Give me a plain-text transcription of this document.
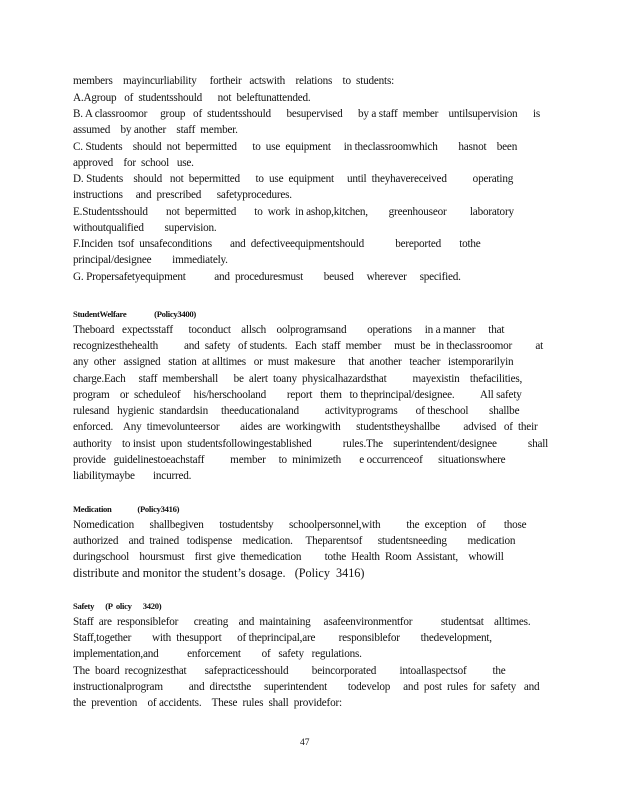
members    mayincurliability     fortheir   actswith    relations    to  students:
A.Agroup   of  studentsshould      not  beleftunattended.
B. A classroomor     group   of  studentsshould      besupervised      by a staff  member    untilsupervision      is
assumed    by another    staff  member.
C. Students    should  not  bepermitted      to  use  equipment     in theclassroomwhich        hasnot    been
approved    for  school   use.
D. Students    should   not  bepermitted      to  use  equipment     until  theyhavereceived          operating
instructions     and  prescribed      safetyprocedures.
E.Studentsshould       not  bepermitted       to  work  in ashop,kitchen,        greenhouseor         laboratory
withoutqualified        supervision.
F.Inciden  tsof  unsafeconditions       and  defectiveequipmentshould            bereported       tothe
principal/designee        immediately.
G. Propersafetyequipment           and  proceduresmust        beused     wherever     specified.
StudentWelfare               (Policy3400)
Theboard   expectsstaff      toconduct    allsch    oolprogramsand        operations     in a manner     that
recognizesthehealth          and  safety   of students.   Each  staff  member     must  be  in theclassroomor         at
any  other   assigned   station  at alltimes   or  must  makesure     that  another   teacher   istemporarilyin
charge.Each     staff  membershall      be  alert  toany  physicalhazardsthat          mayexistin    thefacilities,
program    or  scheduleof     his/herschooland        report   them   to theprincipal/designee.          All safety
rulesand   hygienic  standardsin     theeducationaland          activityprograms       of theschool        shallbe
enforced.    Any  timevolunteersor        aides  are  workingwith      studentstheyshallbe         advised   of  their
authority    to insist  upon  studentsfollowingestablished            rules.The    superintendent/designee            shall
provide   guidelinestoeachstaff          member     to  minimizeth       e occurrenceof      situationswhere
liabilitymaybe       incurred.
Medication              (Policy3416)
Nomedication      shallbegiven      tostudentsby      schoolpersonnel,with          the  exception    of       those
authorized    and  trained   todispense    medication.     Theparentsof      studentsneeding        medication
duringschool    hoursmust    first  give  themedication         tothe  Health  Room  Assistant,    whowill
distribute and monitor the student’s dosage.   (Policy  3416)
Safety      (P  olicy      3420)
Staff  are  responsiblefor      creating    and  maintaining     asafeenvironmentfor           studentsat    alltimes.
Staff,together        with  thesupport      of theprincipal,are         responsiblefor        thedevelopment,
implementation,and           enforcement        of   safety   regulations.
The  board  recognizesthat       safepracticesshould         beincorporated         intoallaspectsof          the
instructionalprogram          and  directsthe     superintendent        todevelop     and  post  rules  for  safety   and
the  prevention    of accidents.    These  rules  shall  providefor:
47
